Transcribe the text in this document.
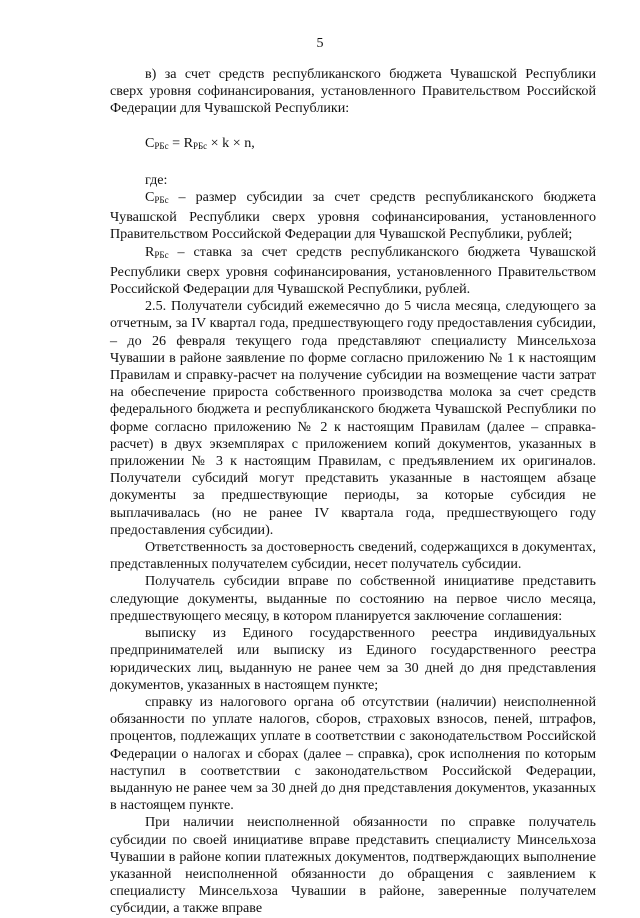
5

в) за счет средств республиканского бюджета Чувашской Республики сверх уровня софинансирования, установленного Правительством Российской Федерации для Чувашской Республики:

$C_{РБс} = R_{РБс} \times k \times n$,

где:

$C_{РБс}$ – размер субсидии за счет средств республиканского бюджета Чувашской Республики сверх уровня софинансирования, установленного Правительством Российской Федерации для Чувашской Республики, рублей;

$R_{РБс}$ – ставка за счет средств республиканского бюджета Чувашской Республики сверх уровня софинансирования, установленного Правительством Российской Федерации для Чувашской Республики, рублей.

2.5. Получатели субсидий ежемесячно до 5 числа месяца, следующего за отчетным, за IV квартал года, предшествующего году предоставления субсидии, – до 26 февраля текущего года представляют специалисту Минсельхоза Чувашии в районе заявление по форме согласно приложению № 1 к настоящим Правилам и справку-расчет на получение субсидии на возмещение части затрат на обеспечение прироста собственного производства молока за счет средств федерального бюджета и республиканского бюджета Чувашской Республики по форме согласно приложению № 2 к настоящим Правилам (далее – справка-расчет) в двух экземплярах с приложением копий документов, указанных в приложении № 3 к настоящим Правилам, с предъявлением их оригиналов. Получатели субсидий могут представить указанные в настоящем абзаце документы за предшествующие периоды, за которые субсидия не выплачивалась (но не ранее IV квартала года, предшествующего году предоставления субсидии).

Ответственность за достоверность сведений, содержащихся в документах, представленных получателем субсидии, несет получатель субсидии.

Получатель субсидии вправе по собственной инициативе представить следующие документы, выданные по состоянию на первое число месяца, предшествующего месяцу, в котором планируется заключение соглашения:

выписку из Единого государственного реестра индивидуальных предпринимателей или выписку из Единого государственного реестра юридических лиц, выданную не ранее чем за 30 дней до дня представления документов, указанных в настоящем пункте;

справку из налогового органа об отсутствии (наличии) неисполненной обязанности по уплате налогов, сборов, страховых взносов, пеней, штрафов, процентов, подлежащих уплате в соответствии с законодательством Российской Федерации о налогах и сборах (далее – справка), срок исполнения по которым наступил в соответствии с законодательством Российской Федерации, выданную не ранее чем за 30 дней до дня представления документов, указанных в настоящем пункте.

При наличии неисполненной обязанности по справке получатель субсидии по своей инициативе вправе представить специалисту Минсельхоза Чувашии в районе копии платежных документов, подтверждающих выполнение указанной неисполненной обязанности до обращения с заявлением к специалисту Минсельхоза Чувашии в районе, заверенные получателем субсидии, а также вправе
